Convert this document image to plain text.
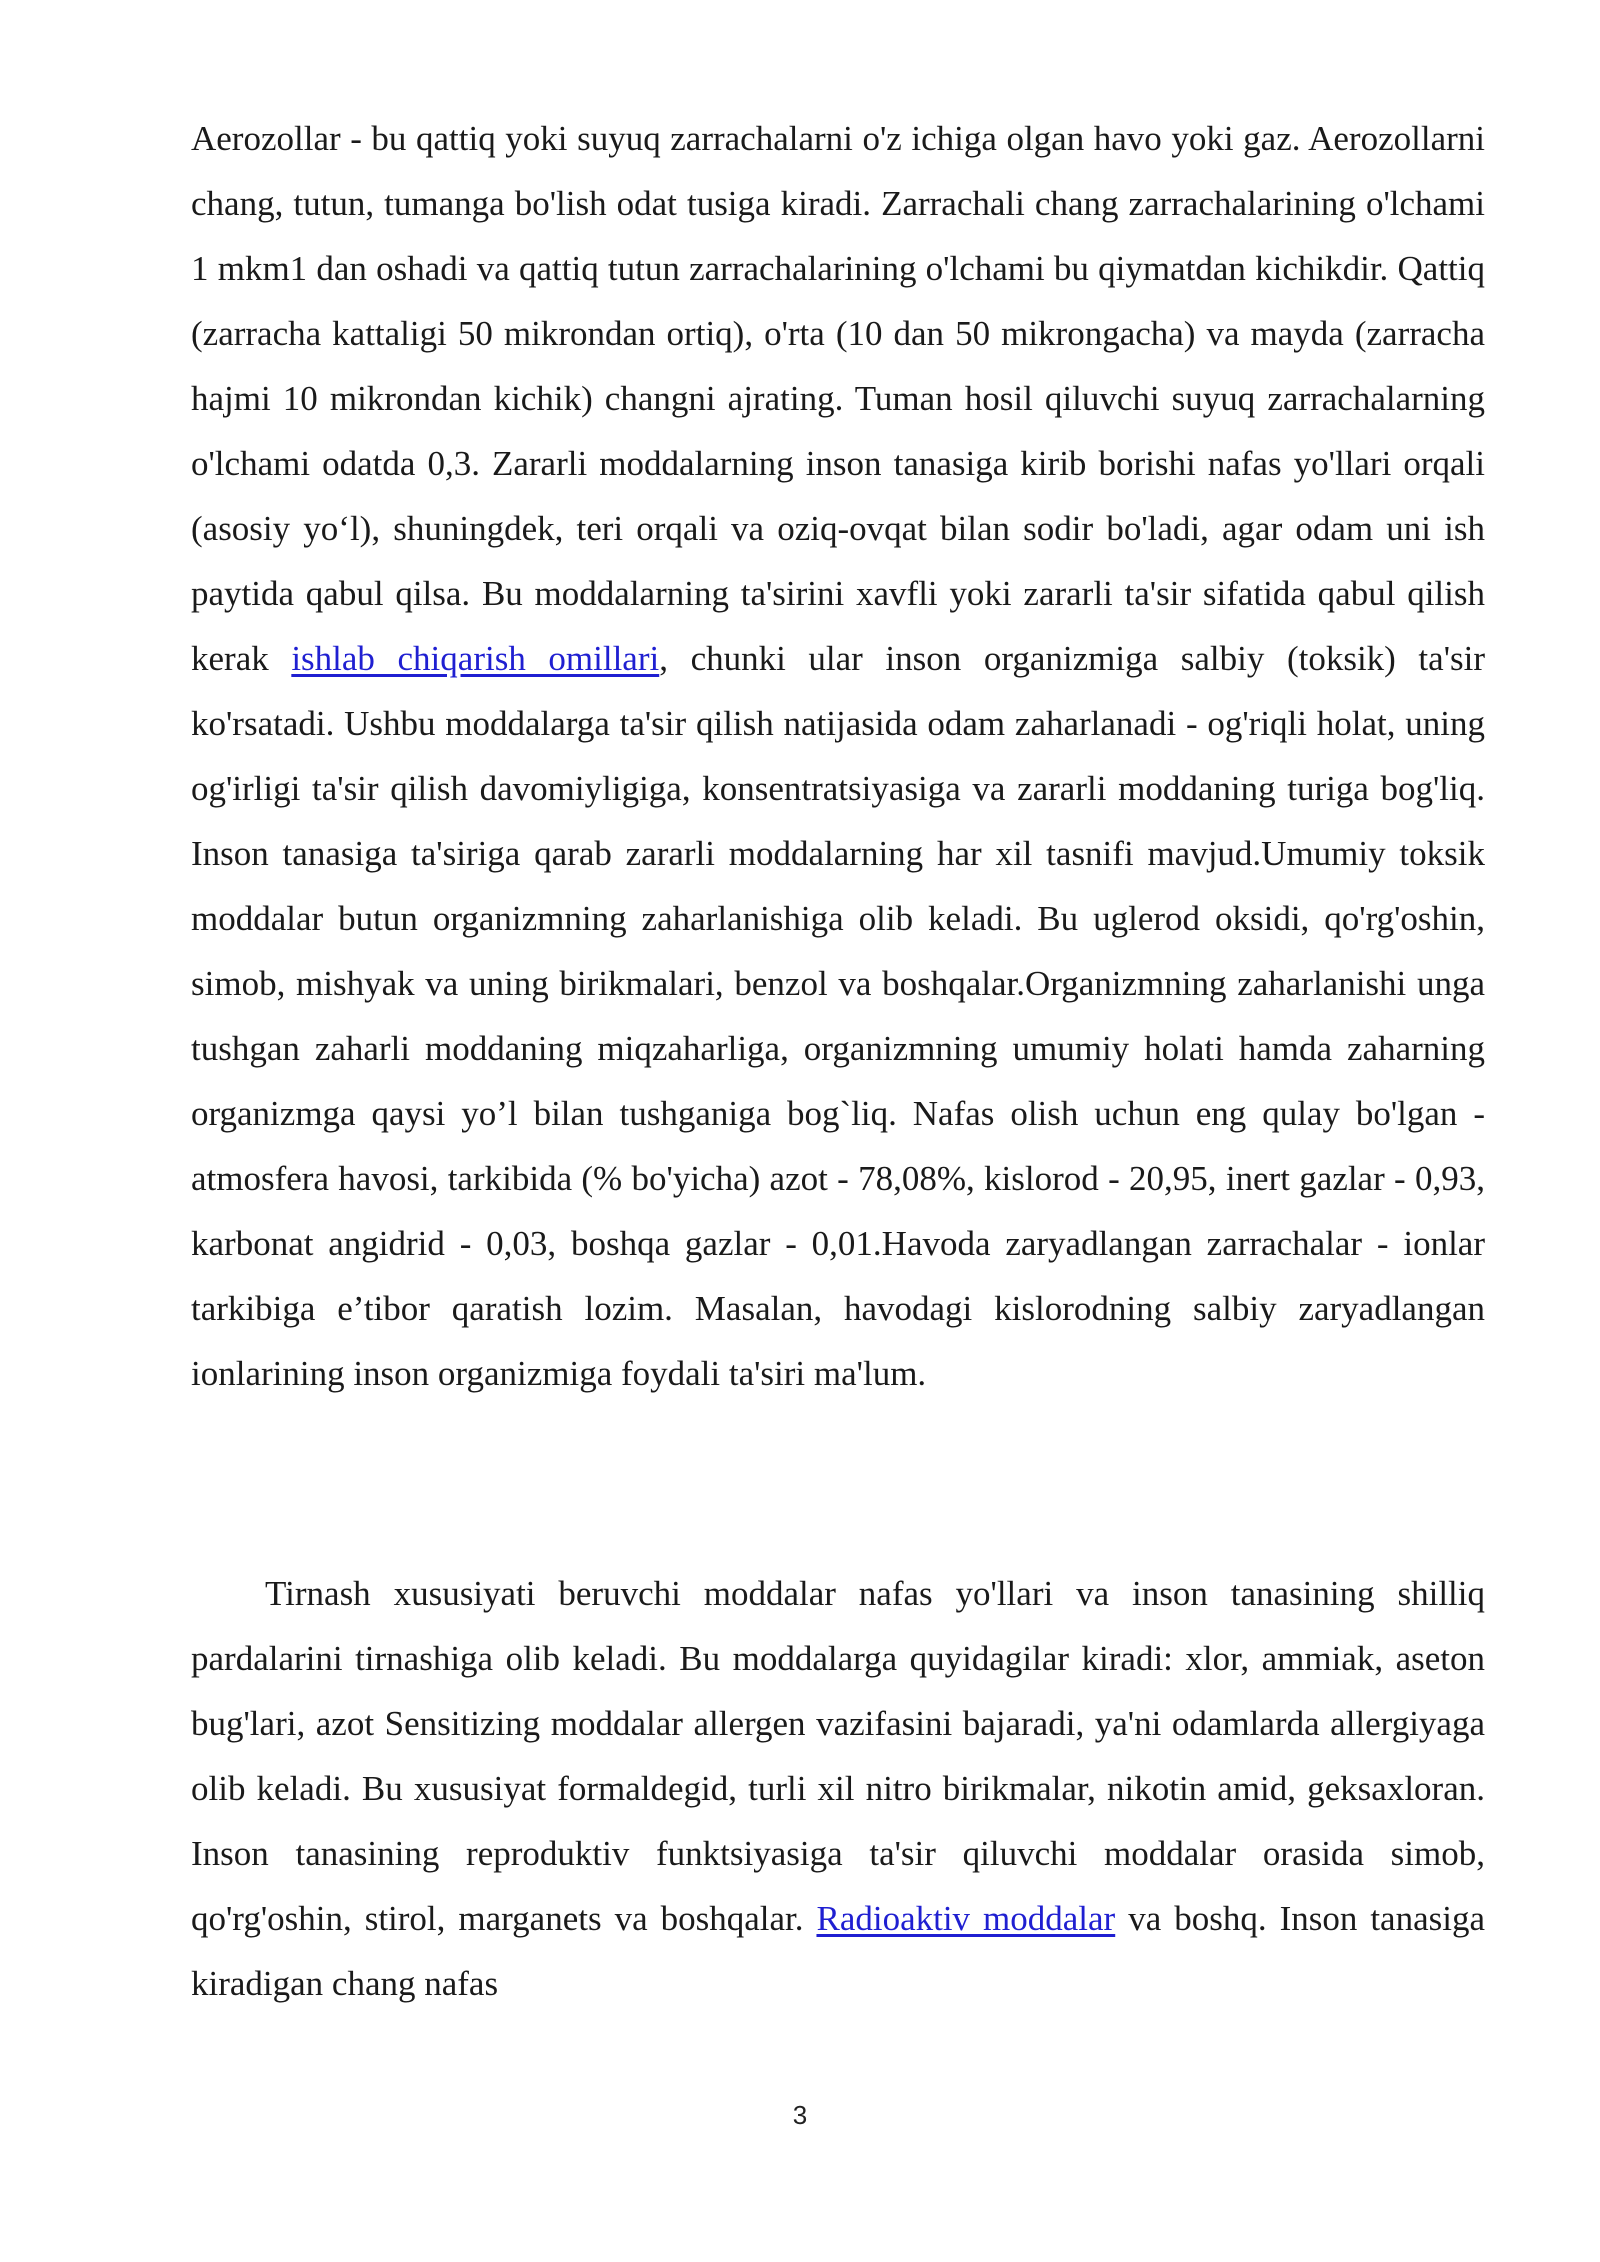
Aerozollar - bu qattiq yoki suyuq zarrachalarni o'z ichiga olgan havo yoki gaz. Aerozollarni chang, tutun, tumanga bo'lish odat tusiga kiradi. Zarrachali chang zarrachalarining o'lchami 1 mkm1 dan oshadi va qattiq tutun zarrachalarining o'lchami bu qiymatdan kichikdir. Qattiq (zarracha kattaligi 50 mikrondan ortiq), o'rta (10 dan 50 mikrongacha) va mayda (zarracha hajmi 10 mikrondan kichik) changni ajrating. Tuman hosil qiluvchi suyuq zarrachalarning o'lchami odatda 0,3. Zararli moddalarning inson tanasiga kirib borishi nafas yo'llari orqali (asosiy yo‘l), shuningdek, teri orqali va oziq-ovqat bilan sodir bo'ladi, agar odam uni ish paytida qabul qilsa. Bu moddalarning ta'sirini xavfli yoki zararli ta'sir sifatida qabul qilish kerak ishlab chiqarish omillari, chunki ular inson organizmiga salbiy (toksik) ta'sir ko'rsatadi. Ushbu moddalarga ta'sir qilish natijasida odam zaharlanadi - og'riqli holat, uning og'irligi ta'sir qilish davomiyligiga, konsentratsiyasiga va zararli moddaning turiga bog'liq. Inson tanasiga ta'siriga qarab zararli moddalarning har xil tasnifi mavjud.Umumiy toksik moddalar butun organizmning zaharlanishiga olib keladi. Bu uglerod oksidi, qo'rg'oshin, simob, mishyak va uning birikmalari, benzol va boshqalar.Organizmning zaharlanishi unga tushgan zaharli moddaning miqzaharliga, organizmning umumiy holati hamda zaharning organizmga qaysi yo’l bilan tushganiga bog`liq. Nafas olish uchun eng qulay bo'lgan - atmosfera havosi, tarkibida (% bo'yicha) azot - 78,08%, kislorod - 20,95, inert gazlar - 0,93, karbonat angidrid - 0,03, boshqa gazlar - 0,01.Havoda zaryadlangan zarrachalar - ionlar tarkibiga e’tibor qaratish lozim. Masalan, havodagi kislorodning salbiy zaryadlangan ionlarining inson organizmiga foydali ta'siri ma'lum.
Tirnash xususiyati beruvchi moddalar nafas yo'llari va inson tanasining shilliq pardalarini tirnashiga olib keladi. Bu moddalarga quyidagilar kiradi: xlor, ammiak, aseton bug'lari, azot Sensitizing moddalar allergen vazifasini bajaradi, ya'ni odamlarda allergiyaga olib keladi. Bu xususiyat formaldegid, turli xil nitro birikmalar, nikotin amid, geksaxloran. Inson tanasining reproduktiv funktsiyasiga ta'sir qiluvchi moddalar orasida simob, qo'rg'oshin, stirol, marganets va boshqalar. Radioaktiv moddalar va boshq. Inson tanasiga kiradigan chang nafas
3
